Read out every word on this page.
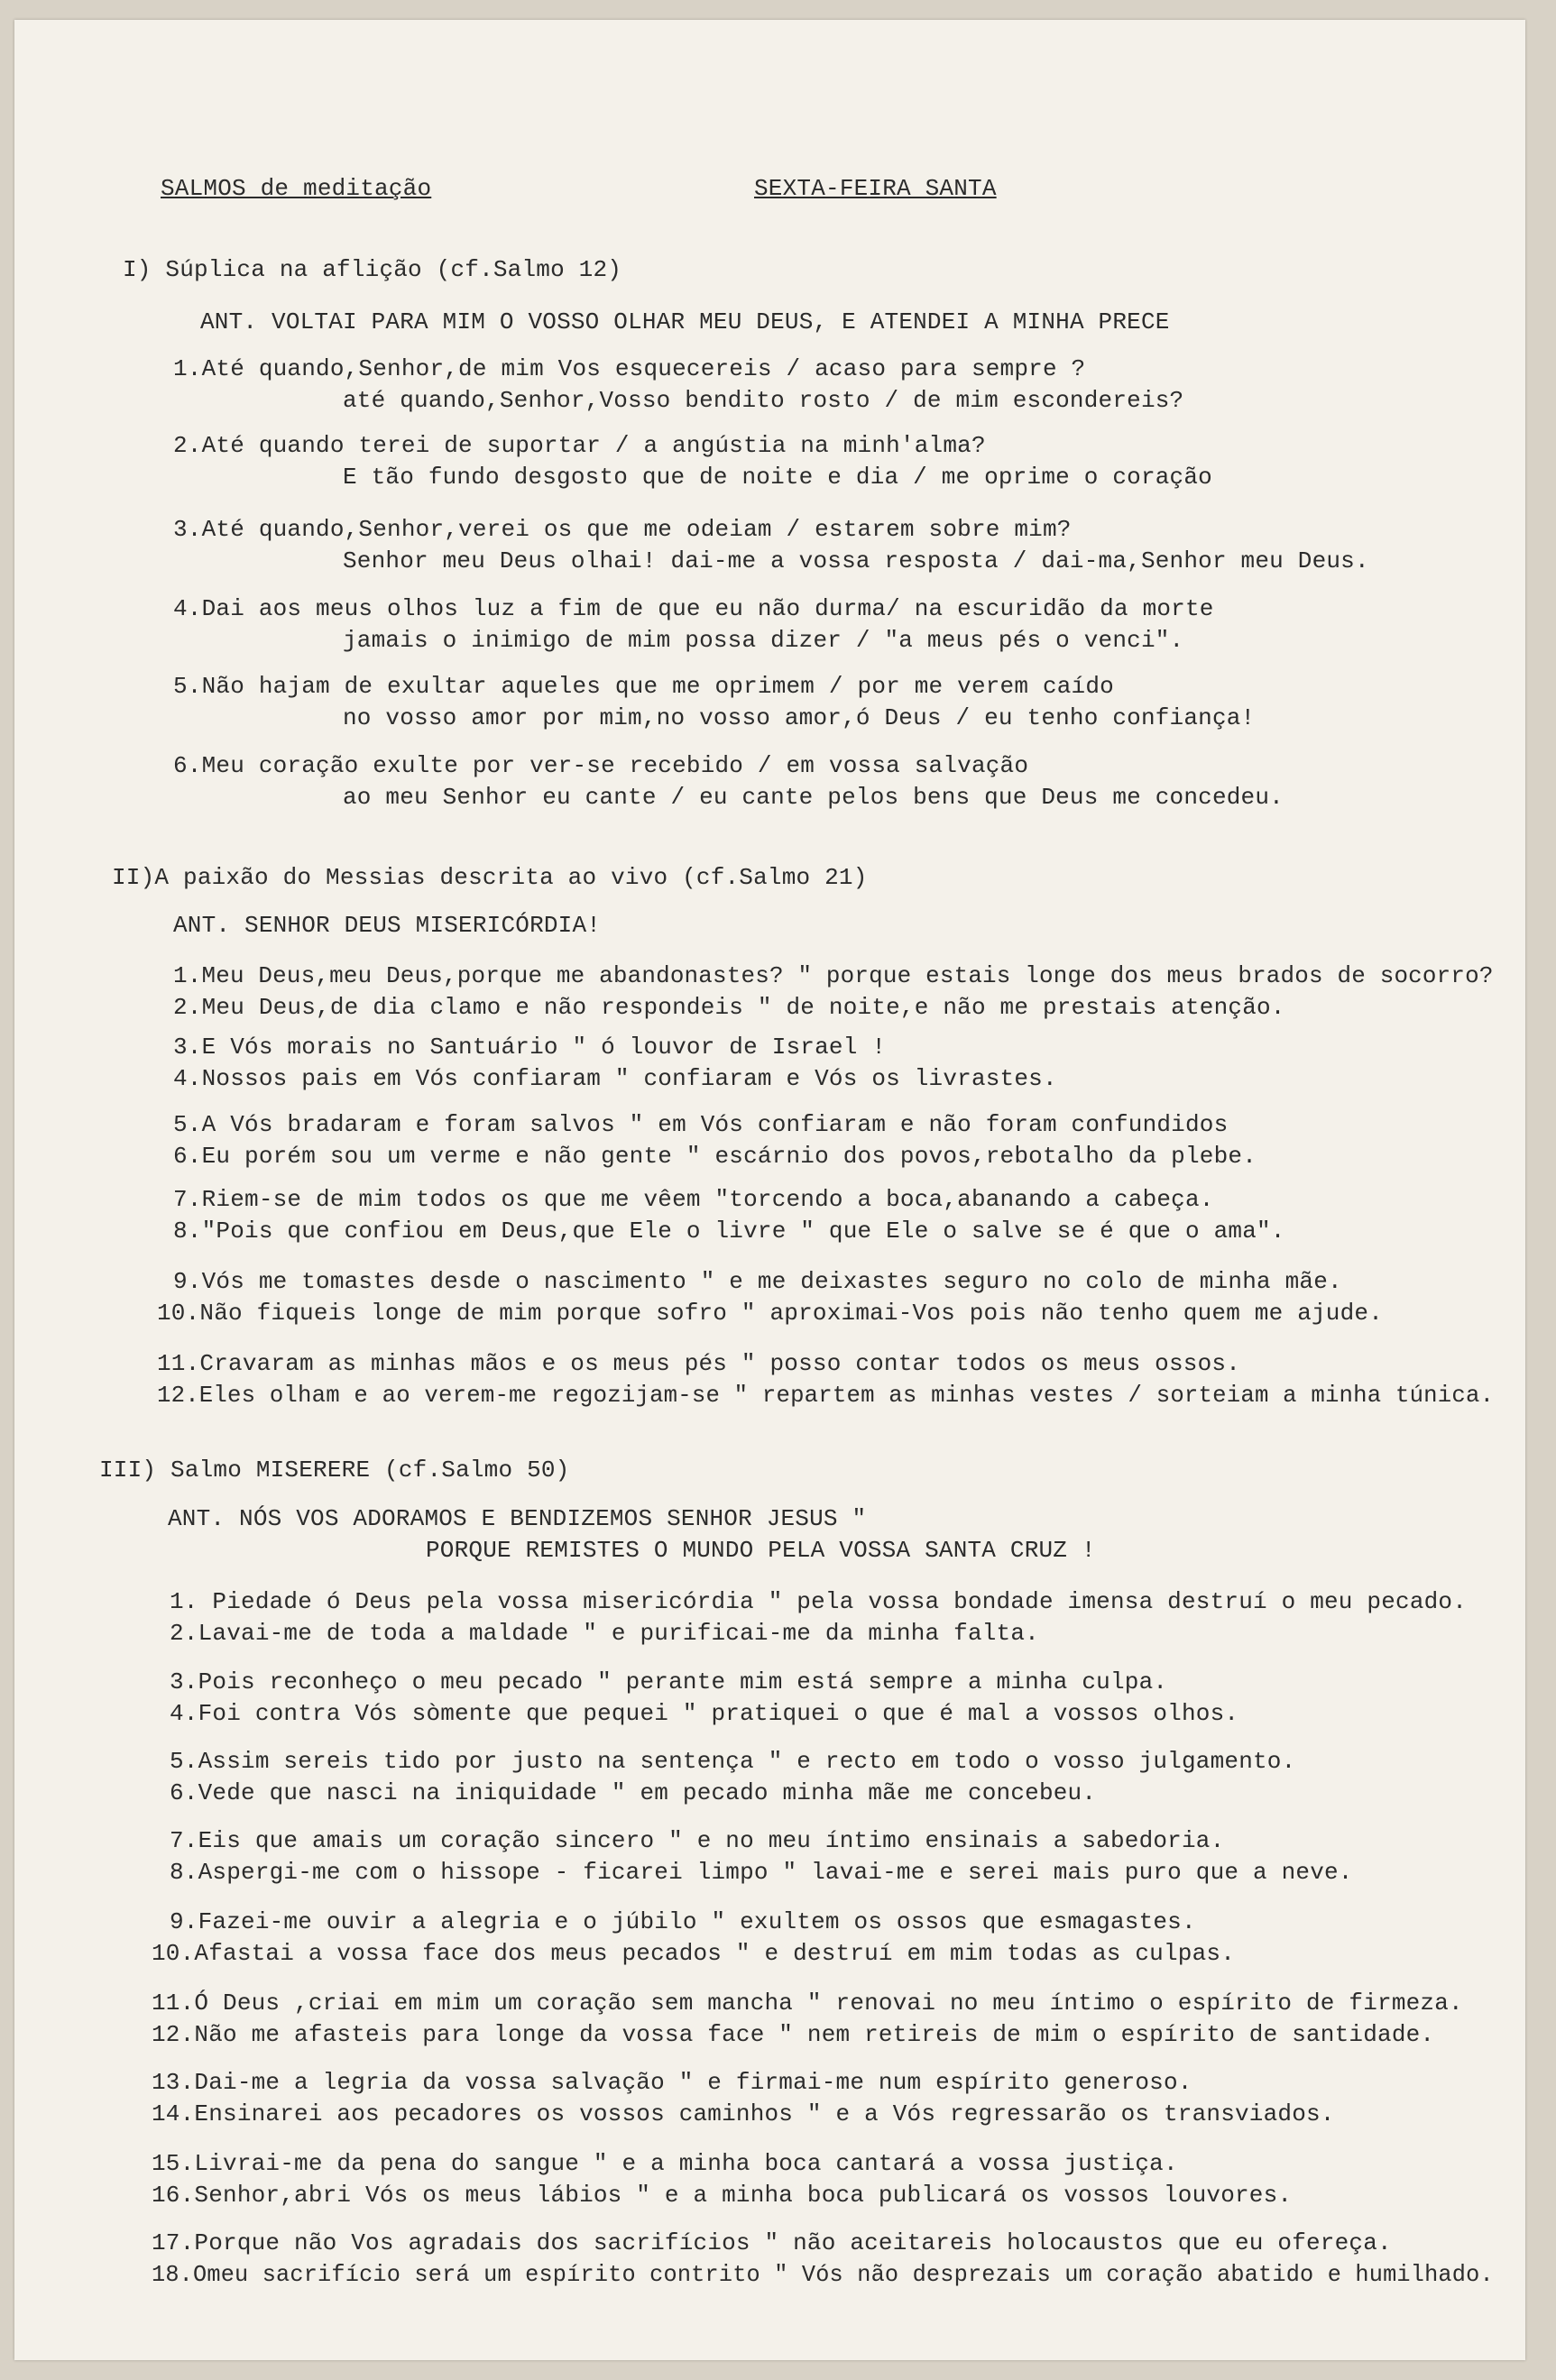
SALMOS de meditação	SEXTA-FEIRA SANTA
I) Súplica na aflição (cf.Salmo 12)
ANT. VOLTAI PARA MIM O VOSSO OLHAR MEU DEUS, E ATENDEI A MINHA PRECE
1.Até quando,Senhor,de mim Vos esquecereis / acaso para sempre ?
até quando,Senhor,Vosso bendito rosto / de mim escondereis?
2.Até quando terei de suportar / a angústia na minh'alma?
E tão fundo desgosto que de noite e dia / me oprime o coração
3.Até quando,Senhor,verei os que me odeiam / estarem sobre mim?
Senhor meu Deus olhai! dai-me a vossa resposta / dai-ma,Senhor meu Deus.
4.Dai aos meus olhos luz a fim de que eu não durma/ na escuridão da morte
jamais o inimigo de mim possa dizer / "a meus pés o venci".
5.Não hajam de exultar aqueles que me oprimem / por me verem caído
no vosso amor por mim,no vosso amor,ó Deus / eu tenho confiança!
6.Meu coração exulte por ver-se recebido / em vossa salvação
ao meu Senhor eu cante / eu cante pelos bens que Deus me concedeu.
II)A paixão do Messias descrita ao vivo (cf.Salmo 21)
ANT. SENHOR DEUS MISERICÓRDIA!
1.Meu Deus,meu Deus,porque me abandonastes? " porque estais longe dos meus brados de socorro?
2.Meu Deus,de dia clamo e não respondeis " de noite,e não me prestais atenção.
3.E Vós morais no Santuário " ó louvor de Israel !
4.Nossos pais em Vós confiaram " confiaram e Vós os livrastes.
5.A Vós bradaram e foram salvos " em Vós confiaram e não foram confundidos
6.Eu porém sou um verme e não gente " escárnio dos povos,rebotalho da plebe.
7.Riem-se de mim todos os que me vêem "torcendo a boca,abanando a cabeça.
8."Pois que confiou em Deus,que Ele o livre " que Ele o salve se é que o ama".
9.Vós me tomastes desde o nascimento " e me deixastes seguro no colo de minha mãe.
10.Não fiqueis longe de mim porque sofro " aproximai-Vos pois não tenho quem me ajude.
11.Cravaram as minhas mãos e os meus pés " posso contar todos os meus ossos.
12.Eles olham e ao verem-me regozijam-se " repartem as minhas vestes / sorteiam a minha túnica.
III) Salmo MISERERE (cf.Salmo 50)
ANT. NÓS VOS ADORAMOS E BENDIZEMOS SENHOR JESUS "
PORQUE REMISTES O MUNDO PELA VOSSA SANTA CRUZ !
1. Piedade ó Deus pela vossa misericórdia " pela vossa bondade imensa destruí o meu pecado.
2.Lavai-me de toda a maldade " e purificai-me da minha falta.
3.Pois reconheço o meu pecado " perante mim está sempre a minha culpa.
4.Foi contra Vós sòmente que pequei " pratiquei o que é mal a vossos olhos.
5.Assim sereis tido por justo na sentença " e recto em todo o vosso julgamento.
6.Vede que nasci na iniquidade " em pecado minha mãe me concebeu.
7.Eis que amais um coração sincero " e no meu íntimo ensinais a sabedoria.
8.Aspergi-me com o hissope - ficarei limpo " lavai-me e serei mais puro que a neve.
9.Fazei-me ouvir a alegria e o júbilo " exultem os ossos que esmagastes.
10.Afastai a vossa face dos meus pecados " e destruí em mim todas as culpas.
11.Ó Deus ,criai em mim um coração sem mancha " renovai no meu íntimo o espírito de firmeza.
12.Não me afasteis para longe da vossa face " nem retireis de mim o espírito de santidade.
13.Dai-me a legria da vossa salvação " e firmai-me num espírito generoso.
14.Ensinarei aos pecadores os vossos caminhos " e a Vós regressarão os transviados.
15.Livrai-me da pena do sangue " e a minha boca cantará a vossa justiça.
16.Senhor,abri Vós os meus lábios " e a minha boca publicará os vossos louvores.
17.Porque não Vos agradais dos sacrifícios " não aceitareis holocaustos que eu ofereça.
18.Omeu sacrifício será um espírito contrito " Vós não desprezais um coração abatido e humilhado.
